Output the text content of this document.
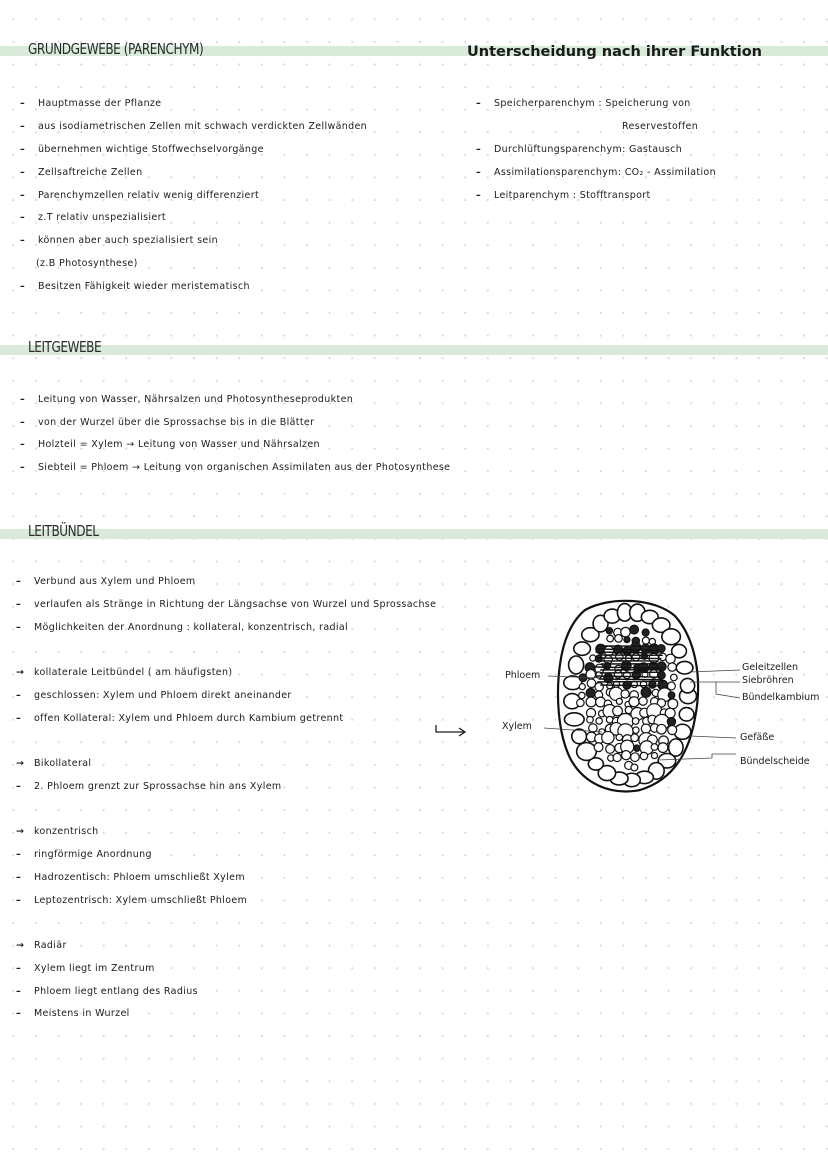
GRUNDGEWEBE (PARENCHYM)	Unterscheidung nach ihrer Funktion
– Hauptmasse der Pflanze
– aus isodiametrischen Zellen mit schwach verdickten Zellwänden
– übernehmen wichtige Stoffwechselvorgänge
– Zellsaftreiche Zellen
– Parenchymzellen relativ wenig differenziert
– z.T relativ unspezialisiert
– können aber auch spezialisiert sein
(z.B Photosynthese)
– Besitzen Fähigkeit wieder meristematisch
– Speicherparenchym : Speicherung von
Reservestoffen
– Durchlüftungsparenchym: Gastausch
– Assimilationsparenchym: CO₂ - Assimilation
– Leitparenchym : Stofftransport
LEITGEWEBE
– Leitung von Wasser, Nährsalzen und Photosyntheseprodukten
– von der Wurzel über die Sprossachse bis in die Blätter
– Holzteil = Xylem → Leitung von Wasser und Nährsalzen
– Siebteil = Phloem → Leitung von organischen Assimilaten aus der Photosynthese
LEITBÜNDEL
– Verbund aus Xylem und Phloem
– verlaufen als Stränge in Richtung der Längsachse von Wurzel und Sprossachse
– Möglichkeiten der Anordnung : kollateral, konzentrisch, radial
→ kollaterale Leitbündel ( am häufigsten)
– geschlossen: Xylem und Phloem direkt aneinander
– offen Kollateral: Xylem und Phloem durch Kambium getrennt
→ Bikollateral
– 2. Phloem grenzt zur Sprossachse hin ans Xylem
→ konzentrisch
– ringförmige Anordnung
– Hadrozentisch: Phloem umschließt Xylem
– Leptozentrisch: Xylem umschließt Phloem
→ Radiär
– Xylem liegt im Zentrum
– Phloem liegt entlang des Radius
– Meistens in Wurzel
Phloem
Xylem
Geleitzellen
Siebröhren
Bündelkambium
Gefäße
Bündelscheide
